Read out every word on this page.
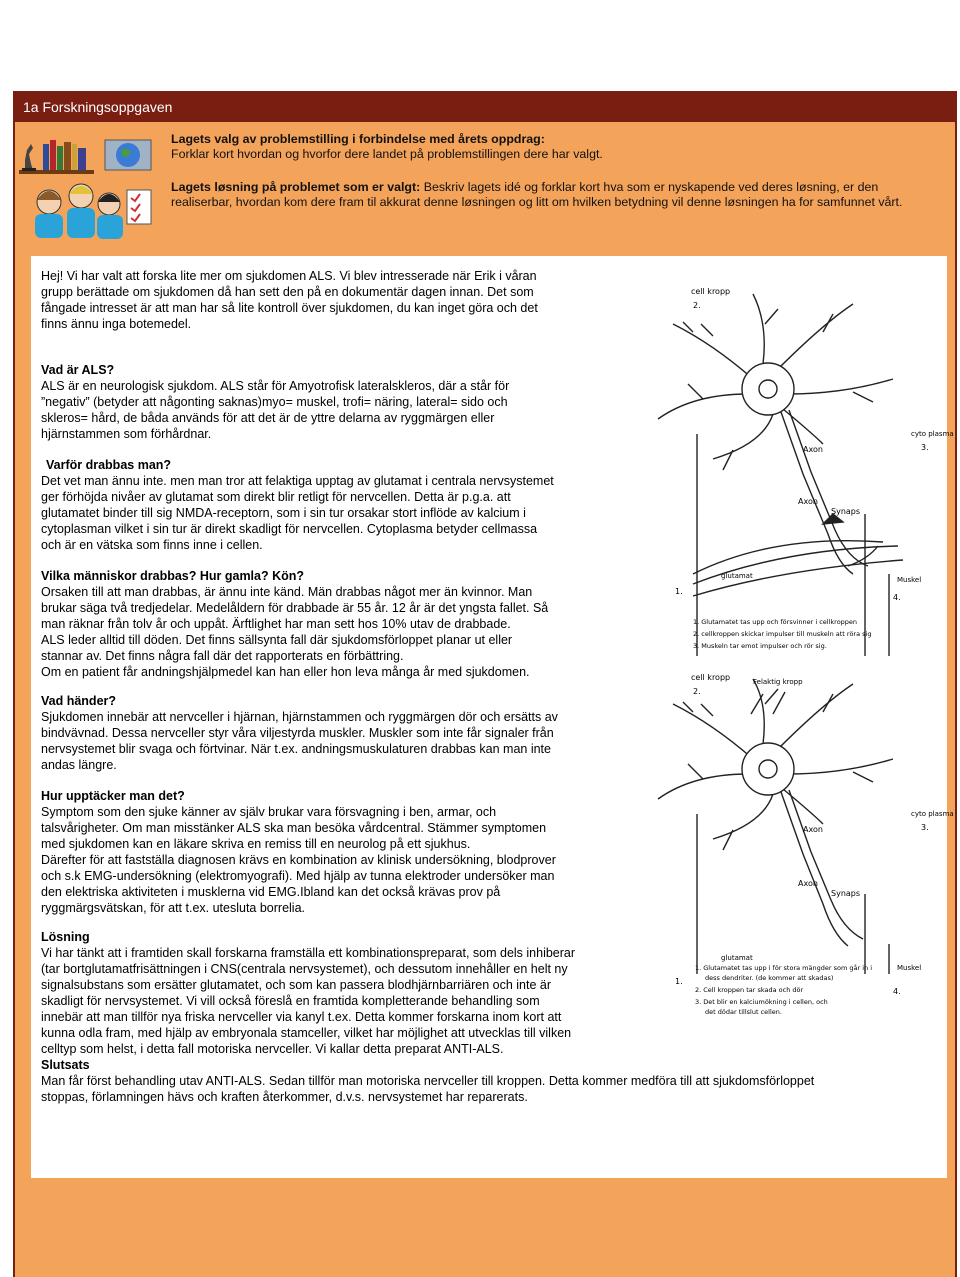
1a Forskningsoppgaven
Lagets valg av problemstilling i forbindelse med årets oppdrag:
Forklar kort hvordan og hvorfor dere landet på problemstillingen dere har valgt.
Lagets løsning på problemet som er valgt: Beskriv lagets idé og forklar kort hva som er nyskapende ved deres løsning, er den realiserbar, hvordan kom dere fram til akkurat denne løsningen og litt om hvilken betydning vil denne løsningen ha for samfunnet vårt.

Hej! Vi har valt att forska lite mer om sjukdomen ALS. Vi blev intresserade när Erik i våran

grupp berättade om sjukdomen då han sett den på en dokumentär dagen innan. Det som

fångade intresset är att man har så lite kontroll över sjukdomen, du kan inget göra och det

finns ännu inga botemedel.

Vad är ALS?

ALS är en neurologisk sjukdom. ALS står för Amyotrofisk lateralskleros, där a står för

”negativ” (betyder att någonting saknas)myo= muskel, trofi= näring, lateral= sido och

skleros= hård, de båda används för att det är de yttre delarna av ryggmärgen eller

hjärnstammen som förhårdnar.

Varför drabbas man?

Det vet man ännu inte. men man tror att felaktiga upptag av glutamat i centrala nervsystemet

ger förhöjda nivåer av glutamat som direkt blir retligt för nervcellen. Detta är p.g.a. att

glutamatet binder till sig NMDA-receptorn, som i sin tur orsakar stort inflöde av kalcium i

cytoplasman vilket i sin tur är direkt skadligt för nervcellen. Cytoplasma betyder cellmassa

och är en vätska som finns inne i cellen.

Vilka människor drabbas? Hur gamla? Kön?

Orsaken till att man drabbas, är ännu inte känd. Män drabbas något mer än kvinnor. Man

brukar säga två tredjedelar. Medelåldern för drabbade är 55 år. 12 år är det yngsta fallet. Så

man räknar från tolv år och uppåt. Ärftlighet har man sett hos 10% utav de drabbade.

ALS leder alltid till döden. Det finns sällsynta fall där sjukdomsförloppet planar ut eller

stannar av. Det finns några fall där det rapporterats en förbättring.

Om en patient får andningshjälpmedel kan han eller hon leva många år med sjukdomen.

Vad händer?

Sjukdomen innebär att nervceller i hjärnan, hjärnstammen och ryggmärgen dör och ersätts av

bindvävnad. Dessa nervceller styr våra viljestyrda muskler. Muskler som inte får signaler från

nervsystemet blir svaga och förtvinar. När t.ex. andningsmuskulaturen drabbas kan man inte

andas längre.

Hur upptäcker man det?

Symptom som den sjuke känner av själv brukar vara försvagning i ben, armar, och

talsvårigheter. Om man misstänker ALS ska man besöka vårdcentral. Stämmer symptomen

med sjukdomen kan en läkare skriva en remiss till en neurolog på ett sjukhus.

Därefter för att fastställa diagnosen krävs en kombination av klinisk undersökning, blodprover

och s.k EMG-undersökning (elektromyografi). Med hjälp av tunna elektroder undersöker man

den elektriska aktiviteten i musklerna vid EMG.Ibland kan det också krävas prov på

ryggmärgsvätskan, för att t.ex. utesluta borrelia.

Lösning

Vi har tänkt att i framtiden skall forskarna framställa ett kombinationspreparat, som dels inhiberar

(tar bortglutamatfrisättningen i CNS(centrala nervsystemet), och dessutom innehåller en helt ny

signalsubstans som ersätter glutamatet, och som kan passera blodhjärnbarriären och inte är

skadligt för nervsystemet. Vi vill också föreslå en framtida kompletterande behandling som

innebär att man tillför nya friska nervceller via kanyl t.ex. Detta kommer forskarna inom kort att

kunna odla fram, med hjälp av embryonala stamceller, vilket har möjlighet att utvecklas till vilken

celltyp som helst, i detta fall motoriska nervceller. Vi kallar detta preparat ANTI-ALS.

Slutsats

Man får först behandling utav ANTI-ALS. Sedan tillför man motoriska nervceller till kroppen. Detta kommer medföra till att sjukdomsförloppet

stoppas, förlamningen hävs och kraften återkommer, d.v.s. nervsystemet har reparerats.

cell kropp
2.
Axon
cyto plasma
3.
Axon
Synaps
glutamat
1.
Muskel
4.
1. Glutamatet tas upp och försvinner i cellkroppen
2. cellkroppen skickar impulser till muskeln att röra sig
3. Muskeln tar emot impulser och rör sig.
cell kropp
2.
Felaktig kropp
Axon
cyto plasma
3.
Axon
Synaps
glutamat
1.
Muskel
4.
1. Glutamatet tas upp i för stora mängder som går in i
dess dendriter. (de kommer att skadas)
2. Cell kroppen tar skada och dör
3. Det blir en kalciumökning i cellen, och
det dödar tillslut cellen.
